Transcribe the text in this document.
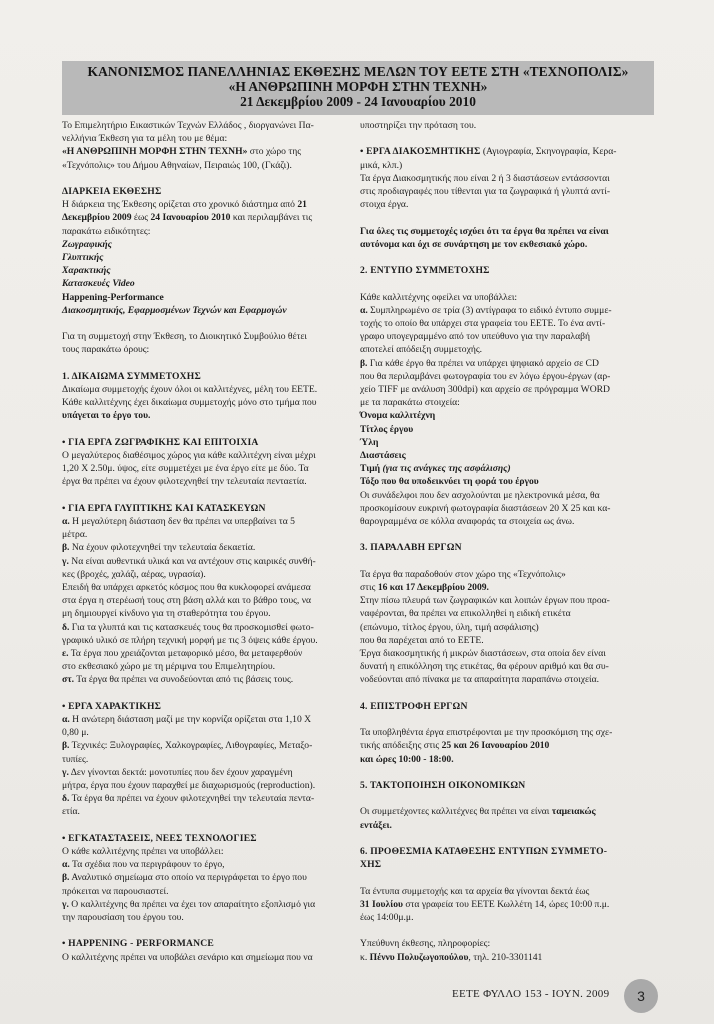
ΚΑΝΟΝΙΣΜΟΣ ΠΑΝΕΛΛΗΝΙΑΣ ΕΚΘΕΣΗΣ ΜΕΛΩΝ ΤΟΥ ΕΕΤΕ ΣΤΗ «ΤΕΧΝΟΠΟΛΙΣ»
«Η ΑΝΘΡΩΠΙΝΗ ΜΟΡΦΗ ΣΤΗΝ ΤΕΧΝΗ»
21 Δεκεμβρίου 2009 - 24 Ιανουαρίου 2010

Το Επιμελητήριο Εικαστικών Τεχνών Ελλάδος , διοργανώνει Πα-

νελλήνια Έκθεση για τα μέλη του με θέμα:

«Η ΑΝΘΡΩΠΙΝΗ ΜΟΡΦΗ ΣΤΗΝ ΤΕΧΝΗ» στο χώρο της

«Τεχνόπολις» του Δήμου Αθηναίων, Πειραιώς 100, (Γκάζι).

ΔΙΑΡΚΕΙΑ ΕΚΘΕΣΗΣ

Η διάρκεια της Έκθεσης ορίζεται στο χρονικό διάστημα από 21

Δεκεμβρίου 2009 έως 24 Ιανουαρίου 2010 και περιλαμβάνει τις

παρακάτω ειδικότητες:

Ζωγραφικής

Γλυπτικής

Χαρακτικής

Κατασκευές Video

Happening-Performance

Διακοσμητικής, Εφαρμοσμένων Τεχνών και Εφαρμογών

Για τη συμμετοχή στην Έκθεση, το Διοικητικό Συμβούλιο θέτει

τους παρακάτω όρους:

1. ΔΙΚΑΙΩΜΑ ΣΥΜΜΕΤΟΧΗΣ

Δικαίωμα συμμετοχής έχουν όλοι οι καλλιτέχνες, μέλη του ΕΕΤΕ.

Κάθε καλλιτέχνης έχει δικαίωμα συμμετοχής μόνο στο τμήμα που

υπάγεται το έργο του.

• ΓΙΑ ΕΡΓΑ ΖΩΓΡΑΦΙΚΗΣ ΚΑΙ ΕΠΙΤΟΙΧΙΑ

Ο μεγαλύτερος διαθέσιμος χώρος για κάθε καλλιτέχνη είναι μέχρι

1,20 Χ 2.50μ. ύψος, είτε συμμετέχει με ένα έργο είτε με δύο. Τα

έργα θα πρέπει να έχουν φιλοτεχνηθεί την τελευταία πενταετία.

• ΓΙΑ ΕΡΓΑ ΓΛΥΠΤΙΚΗΣ ΚΑΙ ΚΑΤΑΣΚΕΥΩΝ

α. Η μεγαλύτερη διάσταση δεν θα πρέπει να υπερβαίνει τα 5

μέτρα.

β. Να έχουν φιλοτεχνηθεί την τελευταία δεκαετία.

γ. Να είναι αυθεντικά υλικά και να αντέχουν στις καιρικές συνθή-

κες (βροχές, χαλάζι, αέρας, υγρασία).

Επειδή θα υπάρχει αρκετός κόσμος που θα κυκλοφορεί ανάμεσα

στα έργα η στερέωσή τους στη βάση αλλά και το βάθρο τους, να

μη δημιουργεί κίνδυνο για τη σταθερότητα του έργου.

δ. Για τα γλυπτά και τις κατασκευές τους θα προσκομισθεί φωτο-

γραφικό υλικό σε πλήρη τεχνική μορφή με τις 3 όψεις κάθε έργου.

ε. Τα έργα που χρειάζονται μεταφορικό μέσο, θα μεταφερθούν

στο εκθεσιακό χώρο με τη μέριμνα του Επιμελητηρίου.

στ. Τα έργα θα πρέπει να συνοδεύονται από τις βάσεις τους.

• ΕΡΓΑ ΧΑΡΑΚΤΙΚΗΣ

α. Η ανώτερη διάσταση μαζί με την κορνίζα ορίζεται στα 1,10 Χ

0,80 μ.

β. Τεχνικές: Ξυλογραφίες, Χαλκογραφίες, Λιθογραφίες, Μεταξο-

τυπίες.

γ. Δεν γίνονται δεκτά: μονοτυπίες που δεν έχουν χαραγμένη

μήτρα, έργα που έχουν παραχθεί με διαχωρισμούς (reproduction).

δ. Τα έργα θα πρέπει να έχουν φιλοτεχνηθεί την τελευταία πεντα-

ετία.

• ΕΓΚΑΤΑΣΤΑΣΕΙΣ, ΝΕΕΣ ΤΕΧΝΟΛΟΓΙΕΣ

Ο κάθε καλλιτέχνης πρέπει να υποβάλλει:

α. Τα σχέδια που να περιγράφουν το έργο,

β. Αναλυτικό σημείωμα στο οποίο να περιγράφεται το έργο που

πρόκειται να παρουσιαστεί.

γ. Ο καλλιτέχνης θα πρέπει να έχει τον απαραίτητο εξοπλισμό για

την παρουσίαση του έργου του.

• HAPPENING - PERFORMANCE

Ο καλλιτέχνης πρέπει να υποβάλει σενάριο και σημείωμα που να

υποστηρίζει την πρόταση του.

• ΕΡΓΑ ΔΙΑΚΟΣΜΗΤΙΚΗΣ (Αγιογραφία, Σκηνογραφία, Κερα-

μικά, κλπ.)

Τα έργα Διακοσμητικής που είναι 2 ή 3 διαστάσεων εντάσσονται

στις προδιαγραφές που τίθενται για τα ζωγραφικά ή γλυπτά αντί-

στοιχα έργα.

Για όλες τις συμμετοχές ισχύει ότι τα έργα θα πρέπει να είναι

αυτόνομα και όχι σε συνάρτηση με τον εκθεσιακό χώρο.

2. ΕΝΤΥΠΟ ΣΥΜΜΕΤΟΧΗΣ

Κάθε καλλιτέχνης οφείλει να υποβάλλει:

α. Συμπληρωμένο σε τρία (3) αντίγραφα το ειδικό έντυπο συμμε-

τοχής το οποίο θα υπάρχει στα γραφεία του ΕΕΤΕ. Το ένα αντί-

γραφο υπογεγραμμένο από τον υπεύθυνο για την παραλαβή

αποτελεί απόδειξη συμμετοχής.

β. Για κάθε έργο θα πρέπει να υπάρχει ψηφιακό αρχείο σε CD

που θα περιλαμβάνει φωτογραφία του εν λόγω έργου-έργων (αρ-

χείο TIFF με ανάλυση 300dpi) και αρχείο σε πρόγραμμα WORD

με τα παρακάτω στοιχεία:

Όνομα καλλιτέχνη

Τίτλος έργου

Ύλη

Διαστάσεις

Τιμή (για τις ανάγκες της ασφάλισης)

Τόξο που θα υποδεικνύει τη φορά του έργου

Οι συνάδελφοι που δεν ασχολούνται με ηλεκτρονικά μέσα, θα

προσκομίσουν ευκρινή φωτογραφία διαστάσεων 20 Χ 25 και κα-

θαρογραμμένα σε κόλλα αναφοράς τα στοιχεία ως άνω.

3. ΠΑΡΑΛΑΒΗ ΕΡΓΩΝ

Τα έργα θα παραδοθούν στον χώρο της «Τεχνόπολις»

στις 16 και 17 Δεκεμβρίου 2009.

Στην πίσω πλευρά των ζωγραφικών και λοιπών έργων που προα-

ναφέρονται, θα πρέπει να επικολληθεί η ειδική ετικέτα

(επώνυμο, τίτλος έργου, ύλη, τιμή ασφάλισης)

που θα παρέχεται από το ΕΕΤΕ.

Έργα διακοσμητικής ή μικρών διαστάσεων, στα οποία δεν είναι

δυνατή η επικόλληση της ετικέτας, θα φέρουν αριθμό και θα συ-

νοδεύονται από πίνακα με τα απαραίτητα παραπάνω στοιχεία.

4. ΕΠΙΣΤΡΟΦΗ ΕΡΓΩΝ

Τα υποβληθέντα έργα επιστρέφονται με την προσκόμιση της σχε-

τικής απόδειξης στις 25 και 26 Ιανουαρίου 2010

και ώρες 10:00 - 18:00.

5. ΤΑΚΤΟΠΟΙΗΣΗ ΟΙΚΟΝΟΜΙΚΩΝ

Οι συμμετέχοντες καλλιτέχνες θα πρέπει να είναι ταμειακώς

εντάξει.

6. ΠΡΟΘΕΣΜΙΑ ΚΑΤΑΘΕΣΗΣ ΕΝΤΥΠΩΝ ΣΥΜΜΕΤΟ-

ΧΗΣ

Τα έντυπα συμμετοχής και τα αρχεία θα γίνονται δεκτά έως

31 Ιουλίου στα γραφεία του ΕΕΤΕ Κωλλέτη 14, ώρες 10:00 π.μ.

έως 14:00μ.μ.

Υπεύθυνη έκθεσης, πληροφορίες:

κ. Πέννυ Πολυζωγοπούλου, τηλ. 210-3301141

ΕΕΤΕ ΦΥΛΛΟ 153 - ΙΟΥΝ. 2009	3
